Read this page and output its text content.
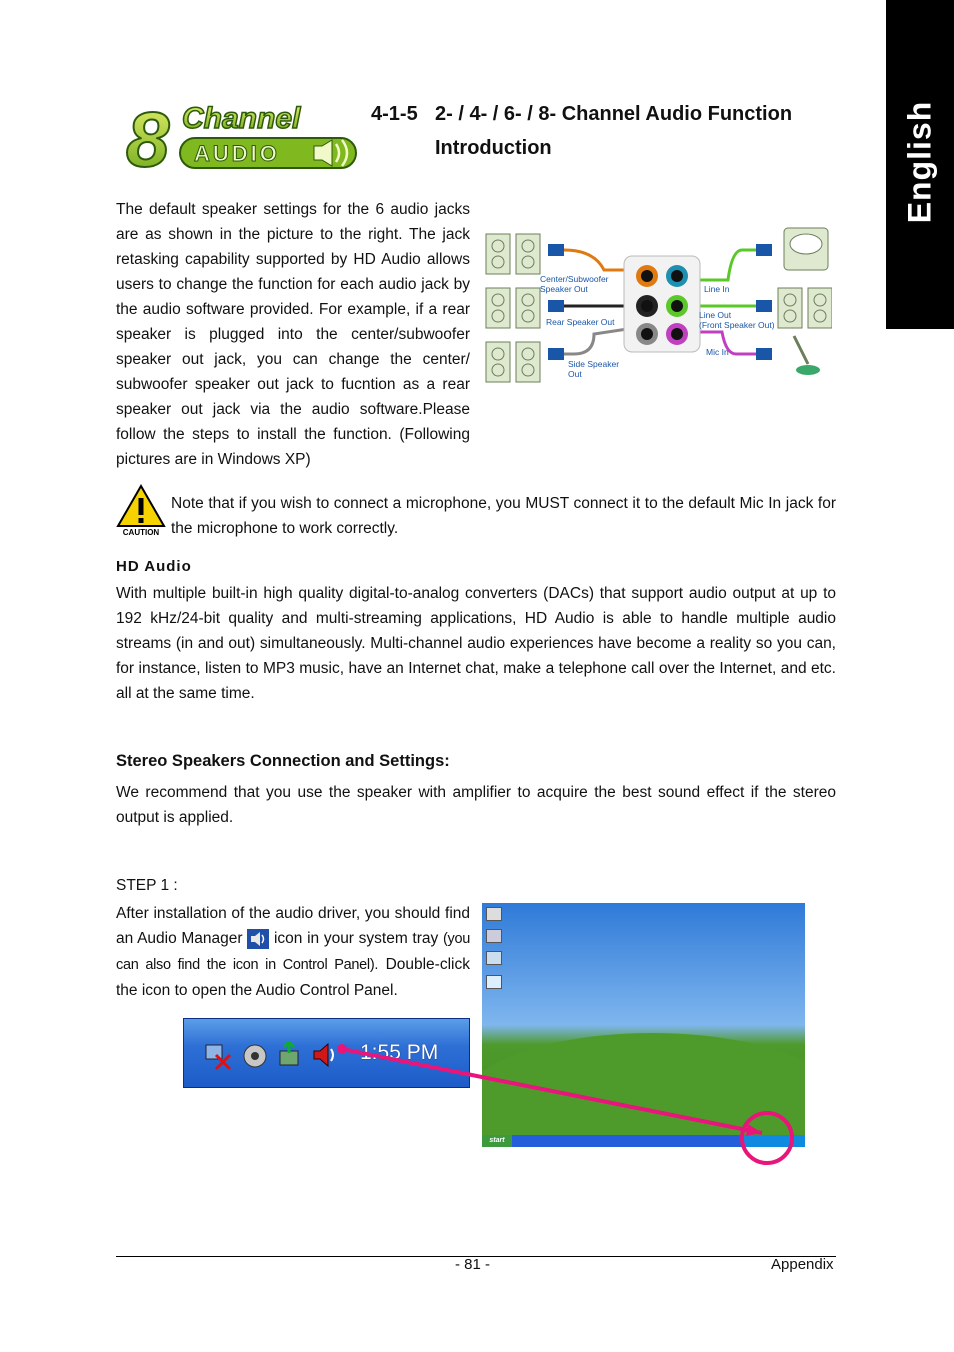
English
8 Channel
AUDIO
4-1-5 2- / 4- / 6- / 8- Channel Audio Function
Introduction
The default speaker settings for the 6 audio jacks are as shown in the picture to the right. The jack retasking capability supported by HD Audio allows users to change the function for each audio jack by the audio software provided. For example, if a rear speaker is plugged into the center/subwoofer speaker out jack, you can change the center/ subwoofer speaker out jack to fucntion as a rear speaker out jack via the audio software.Please follow the steps to install the function. (Following pictures are in Windows XP)
Center/Subwoofer
Speaker Out
Rear Speaker Out
Side Speaker
Out
Line In
Line Out
(Front Speaker Out)
Mic In
CAUTION
Note that if you wish to connect a microphone, you MUST connect it to the default Mic In jack for the microphone to work correctly.
HD Audio
With multiple built-in high quality digital-to-analog converters (DACs) that support audio output at up to 192 kHz/24-bit quality and multi-streaming applications, HD Audio is able to handle multiple audio streams (in and out) simultaneously. Multi-channel audio experiences have become a reality so you can, for instance, listen to MP3 music, have an Internet chat, make a telephone call over the Internet, and etc. all at the same time.
Stereo Speakers Connection and Settings:
We recommend that you use the speaker with amplifier to acquire the best sound effect if the stereo output is applied.
STEP 1 :
After installation of the audio driver, you should find an Audio Manager icon in your system tray (you can also find the icon in Control Panel). Double-click the icon to open the Audio Control Panel.
1:55 PM
start
- 81 -	Appendix
